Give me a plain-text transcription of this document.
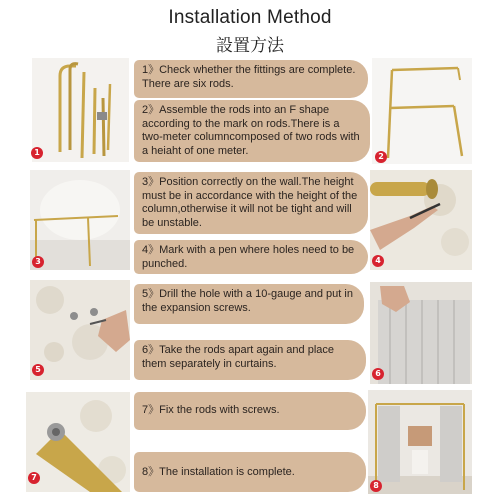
Installation Method
設置方法
1
1》Check whether the fittings are complete. There are six rods.
2》Assemble the rods into an F shape according to the mark on rods.There is a two-meter columncomposed of two rods with a heiaht of one meter.	2
3
3》Position correctly on the wall.The height must be in accordance with the height of the column,otherwise it will not be tight and will be unstable.
4》Mark with a pen where holes need to be punched.	4
5
5》Drill the hole with a 10-gauge and put in the expansion screws.
6》Take the rods apart again and place them separately in curtains.
6
7
7》Fix the rods with screws.
8》The installation is complete.
8
